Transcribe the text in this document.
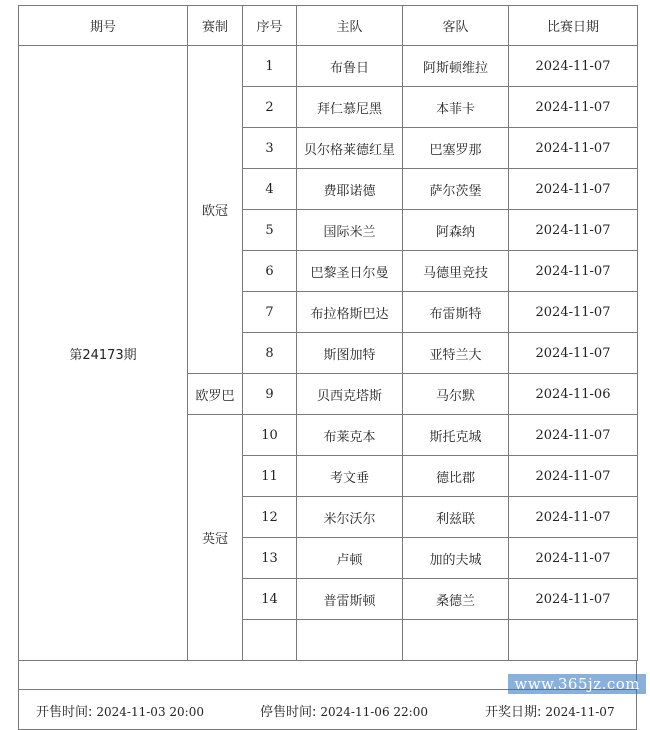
期号	赛制	序号	主队	客队	比赛日期	
第24173期	欧冠	1	布鲁日	阿斯顿维拉	2024-11-07	
		2	拜仁慕尼黑	本菲卡	2024-11-07	
		3	贝尔格莱德红星	巴塞罗那	2024-11-07	
		4	费耶诺德	萨尔茨堡	2024-11-07	
		5	国际米兰	阿森纳	2024-11-07	
		6	巴黎圣日尔曼	马德里竞技	2024-11-07	
		7	布拉格斯巴达	布雷斯特	2024-11-07	
		8	斯图加特	亚特兰大	2024-11-07	
	欧罗巴	9	贝西克塔斯	马尔默	2024-11-06	
	英冠	10	布莱克本	斯托克城	2024-11-07	
		11	考文垂	德比郡	2024-11-07	
		12	米尔沃尔	利兹联	2024-11-07	
		13	卢顿	加的夫城	2024-11-07	
		14	普雷斯顿	桑德兰	2024-11-07	

开售时间: 2024-11-03 20:00	停售时间: 2024-11-06 22:00	开奖日期: 2024-11-07
www.365jz.com
